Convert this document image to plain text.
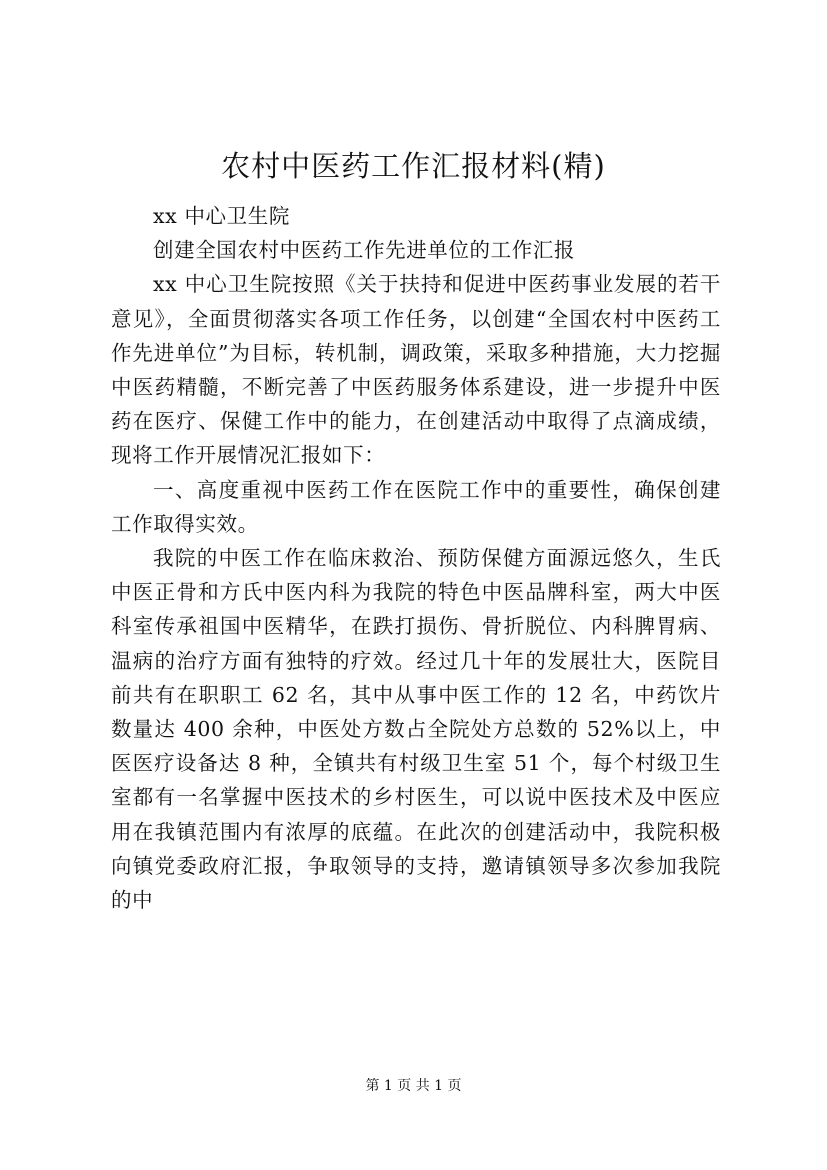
农村中医药工作汇报材料(精)

xx 中心卫生院

创建全国农村中医药工作先进单位的工作汇报

xx 中心卫生院按照《关于扶持和促进中医药事业发展的若干意见》，全面贯彻落实各项工作任务，以创建“全国农村中医药工作先进单位”为目标，转机制，调政策，采取多种措施，大力挖掘中医药精髓，不断完善了中医药服务体系建设，进一步提升中医药在医疗、保健工作中的能力，在创建活动中取得了点滴成绩，现将工作开展情况汇报如下：

一、高度重视中医药工作在医院工作中的重要性，确保创建工作取得实效。

我院的中医工作在临床救治、预防保健方面源远悠久，生氏中医正骨和方氏中医内科为我院的特色中医品牌科室，两大中医科室传承祖国中医精华，在跌打损伤、骨折脱位、内科脾胃病、温病的治疗方面有独特的疗效。经过几十年的发展壮大，医院目前共有在职职工 62 名，其中从事中医工作的 12 名，中药饮片数量达 400 余种，中医处方数占全院处方总数的 52%以上，中医医疗设备达 8 种，全镇共有村级卫生室 51 个，每个村级卫生室都有一名掌握中医技术的乡村医生，可以说中医技术及中医应用在我镇范围内有浓厚的底蕴。在此次的创建活动中，我院积极向镇党委政府汇报，争取领导的支持，邀请镇领导多次参加我院的中

第 1 页 共 1 页
